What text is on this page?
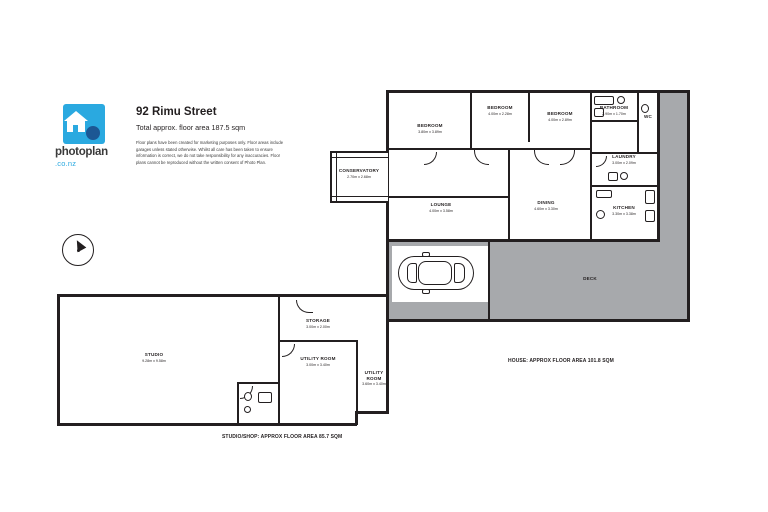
photoplan
.co.nz
92 Rimu Street
Total approx. floor area 187.5 sqm
Floor plans have been created for marketing purposes only. Floor areas include garages unless stated otherwise. Whilst all care has been taken to ensure information is correct, we do not take responsibility for any inaccuracies. Floor plans cannot be reproduced without the written consent of Photo Plan.
BEDROOM
3.80m x 3.89m
BEDROOM
4.00m x 2.28m	BEDROOM
4.00m x 2.89m
BATHROOM
2.90m x 1.70m
WC
LAUNDRY
3.00m x 2.09m
CONSERVATORY
2.70m x 2.68m
LOUNGE
4.00m x 3.58m
DINING
4.60m x 3.30m	KITCHEN
3.30m x 3.38m
DECK
HOUSE: APPROX FLOOR AREA 101.8 SQM
STUDIO
9.28m x 9.58m
STORAGE
3.00m x 2.00m
UTILITY ROOM
3.00m x 3.40m
UTILITY ROOM
3.60m x 3.40m
STUDIO/SHOP: APPROX FLOOR AREA 85.7 SQM
